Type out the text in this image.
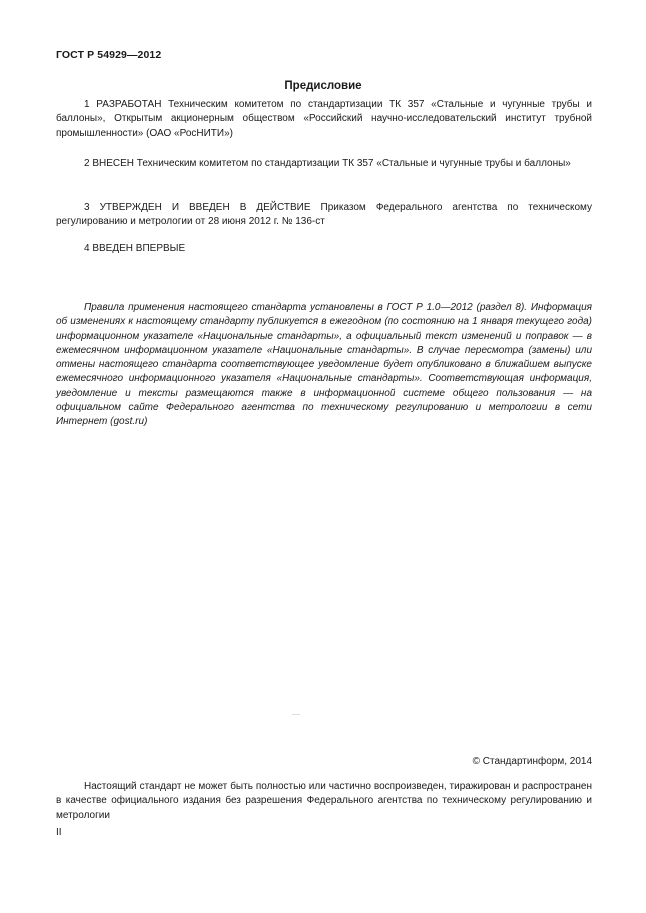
ГОСТ Р 54929—2012
Предисловие

1 РАЗРАБОТАН Техническим комитетом по стандартизации ТК 357 «Стальные и чугунные трубы и баллоны», Открытым акционерным обществом «Российский научно-исследовательский институт трубной промышленности» (ОАО «РосНИТИ»)

2 ВНЕСЕН Техническим комитетом по стандартизации ТК 357 «Стальные и чугунные трубы и баллоны»

3 УТВЕРЖДЕН И ВВЕДЕН В ДЕЙСТВИЕ Приказом Федерального агентства по техническому регулированию и метрологии от 28 июня 2012 г. № 136-ст

4 ВВЕДЕН ВПЕРВЫЕ

Правила применения настоящего стандарта установлены в ГОСТ Р 1.0—2012 (раздел 8). Информация об изменениях к настоящему стандарту публикуется в ежегодном (по состоянию на 1 января текущего года) информационном указателе «Национальные стандарты», а официальный текст изменений и поправок — в ежемесячном информационном указателе «Национальные стандарты». В случае пересмотра (замены) или отмены настоящего стандарта соответствующее уведомление будет опубликовано в ближайшем выпуске ежемесячного информационного указателя «Национальные стандарты». Соответствующая информация, уведомление и тексты размещаются также в информационной системе общего пользования — на официальном сайте Федерального агентства по техническому регулированию и метрологии в сети Интернет (gost.ru)

© Стандартинформ, 2014

Настоящий стандарт не может быть полностью или частично воспроизведен, тиражирован и распространен в качестве официального издания без разрешения Федерального агентства по техническому регулированию и метрологии

II
